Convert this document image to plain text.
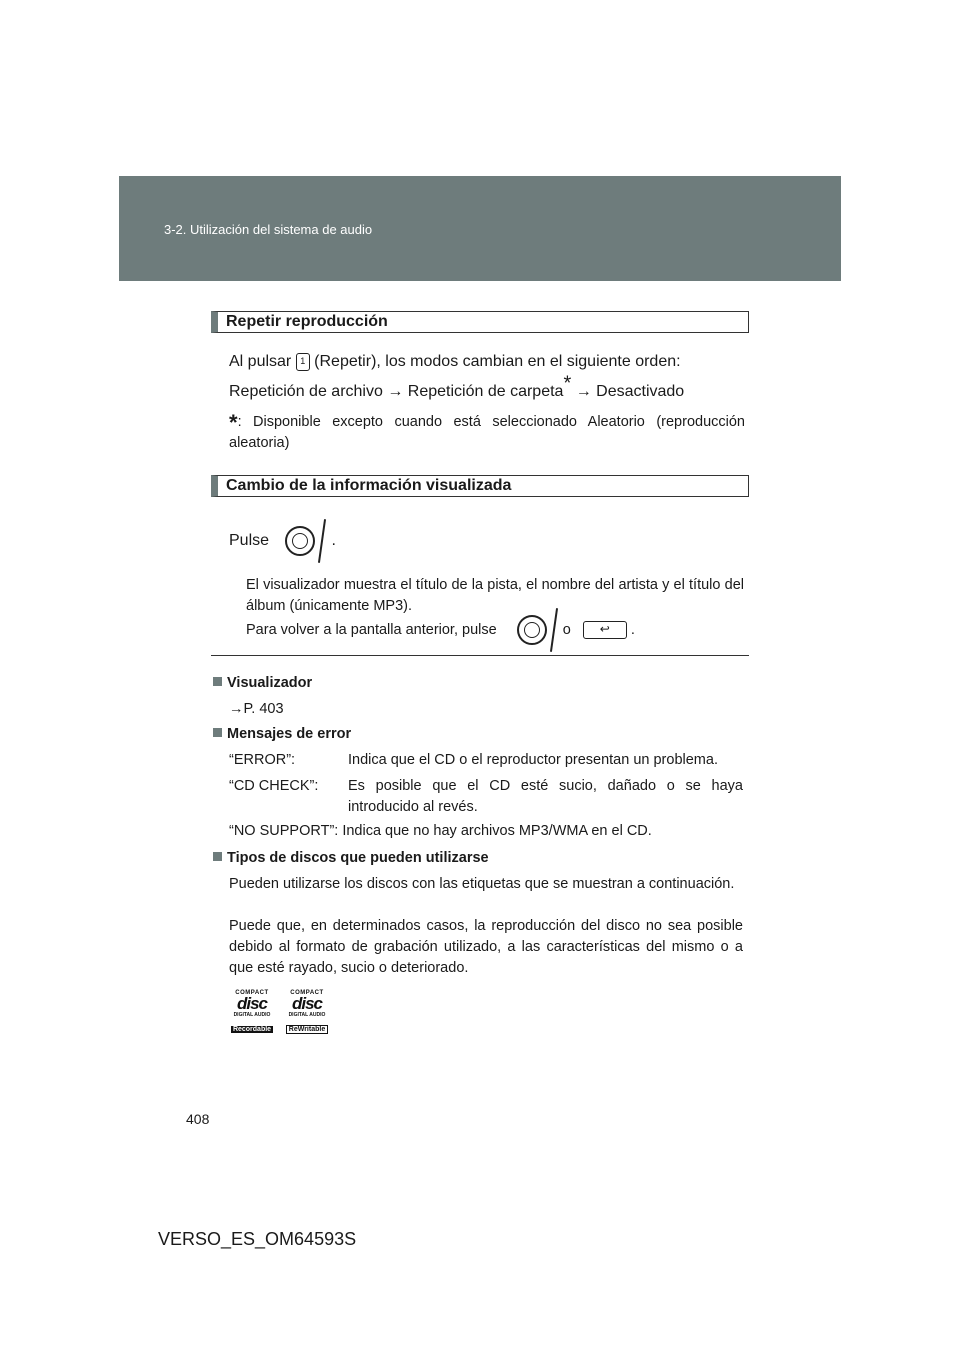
3-2. Utilización del sistema de audio
Repetir reproducción
Al pulsar 1 (Repetir), los modos cambian en el siguiente orden:
Repetición de archivo → Repetición de carpeta* → Desactivado
*: Disponible excepto cuando está seleccionado Aleatorio (reproducción aleatoria)
Cambio de la información visualizada
Pulse	.
El visualizador muestra el título de la pista, el nombre del artista y el título del álbum (únicamente MP3).
Para volver a la pantalla anterior, pulse	o ↩ .
Visualizador
→P. 403
Mensajes de error
“ERROR”:	Indica que el CD o el reproductor presentan un problema.
“CD CHECK”: Es posible que el CD esté sucio, dañado o se haya introducido al revés.
“NO SUPPORT”: Indica que no hay archivos MP3/WMA en el CD.
Tipos de discos que pueden utilizarse
Pueden utilizarse los discos con las etiquetas que se muestran a continuación.
Puede que, en determinados casos, la reproducción del disco no sea posible debido al formato de grabación utilizado, a las características del mismo o a que esté rayado, sucio o deteriorado.
COMPACT
disc
DIGITAL AUDIO
Recordable
COMPACT
disc
DIGITAL AUDIO
ReWritable
408
VERSO_ES_OM64593S
